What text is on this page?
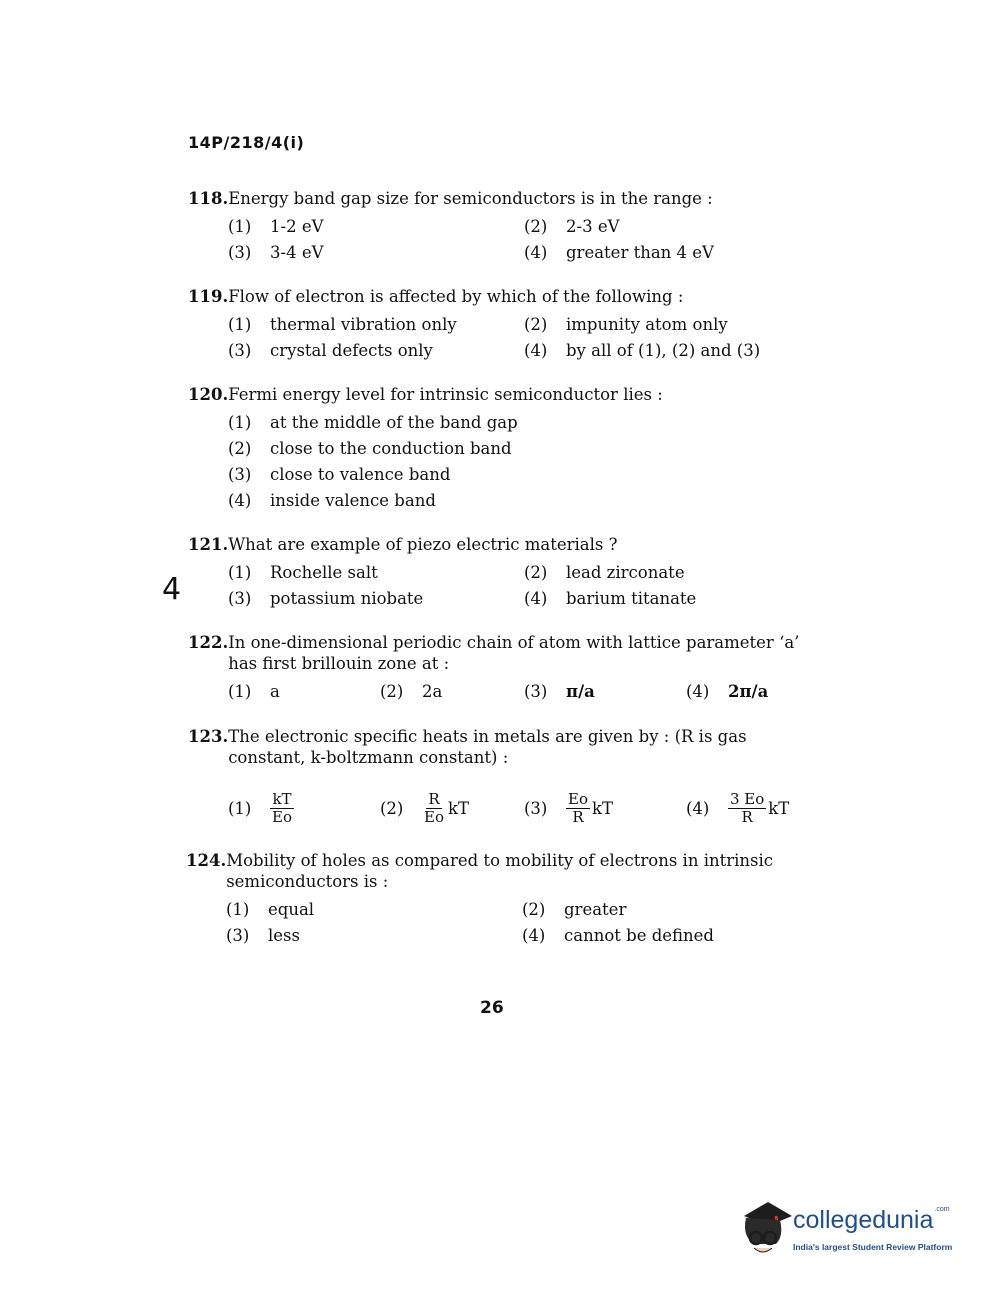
14P/218/4(i)
118. Energy band gap size for semiconductors is in the range :
(1)	1-2 eV	(2)	2-3 eV
(3)	3-4 eV	(4)	greater than 4 eV
119. Flow of electron is affected by which of the following :
(1)	thermal vibration only	(2)	impunity atom only
(3)	crystal defects only	(4)	by all of (1), (2) and (3)
120. Fermi energy level for intrinsic semiconductor lies :
(1)	at the middle of the band gap
(2)	close to the conduction band
(3)	close to valence band
(4)	inside valence band
121. What are example of piezo electric materials ?
(1)	Rochelle salt	(2)	lead zirconate
(3)	potassium niobate	(4)	barium titanate
4
122. In one-dimensional periodic chain of atom with lattice parameter ‘a’ has first brillouin zone at :
(1)	a	(2)	2a	(3)	π/a	(4)	2π/a
123. The electronic specific heats in metals are given by : (R is gas constant, k-boltzmann constant) :
(1)	$\frac{kT}{Eo}$	(2)	$\frac{R}{Eo}$ kT	(3)	$\frac{Eo}{R}$ kT	(4)	$\frac{3 Eo}{R}$ kT
124. Mobility of holes as compared to mobility of electrons in intrinsic semiconductors is :
(1)	equal	(2)	greater
(3)	less	(4)	cannot be defined
26
collegedunia$^{.com}$
India's largest Student Review Platform
